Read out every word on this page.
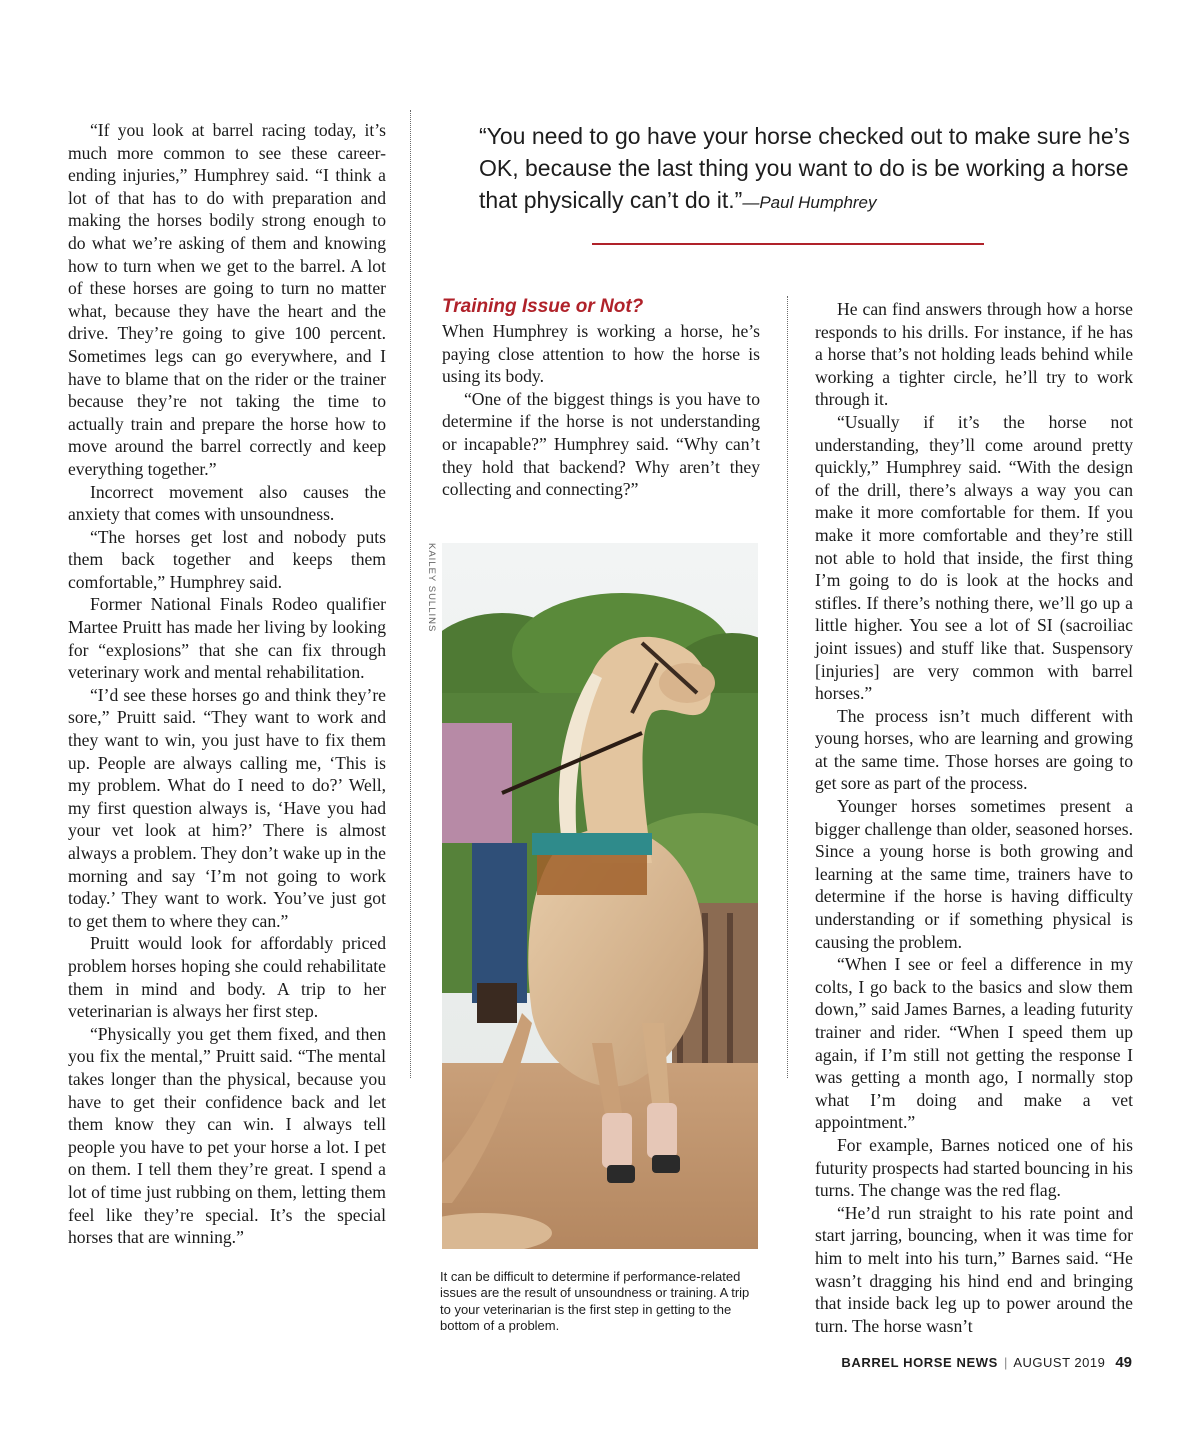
“If you look at barrel racing today, it’s much more common to see these career-ending injuries,” Humphrey said. “I think a lot of that has to do with preparation and making the horses bodily strong enough to do what we’re asking of them and knowing how to turn when we get to the barrel. A lot of these horses are going to turn no matter what, because they have the heart and the drive. They’re going to give 100 percent. Sometimes legs can go everywhere, and I have to blame that on the rider or the trainer because they’re not taking the time to actually train and prepare the horse how to move around the barrel correctly and keep everything together.”

Incorrect movement also causes the anxiety that comes with unsoundness.

“The horses get lost and nobody puts them back together and keeps them comfortable,” Humphrey said.

Former National Finals Rodeo qualifier Martee Pruitt has made her living by looking for “explosions” that she can fix through veterinary work and mental rehabilitation.

“I’d see these horses go and think they’re sore,” Pruitt said. “They want to work and they want to win, you just have to fix them up. People are always calling me, ‘This is my problem. What do I need to do?’ Well, my first question always is, ‘Have you had your vet look at him?’ There is almost always a problem. They don’t wake up in the morning and say ‘I’m not going to work today.’ They want to work. You’ve just got to get them to where they can.”

Pruitt would look for affordably priced problem horses hoping she could rehabilitate them in mind and body. A trip to her veterinarian is always her first step.

“Physically you get them fixed, and then you fix the mental,” Pruitt said. “The mental takes longer than the physical, because you have to get their confidence back and let them know they can win. I always tell people you have to pet your horse a lot. I pet on them. I tell them they’re great. I spend a lot of time just rubbing on them, letting them feel like they’re special. It’s the special horses that are winning.”

“You need to go have your horse checked out to make sure he’s OK, because the last thing you want to do is be working a horse that physically can’t do it.”—Paul Humphrey
Training Issue or Not?

When Humphrey is working a horse, he’s paying close attention to how the horse is using its body.

“One of the biggest things is you have to determine if the horse is not understanding or incapable?” Humphrey said. “Why can’t they hold that backend? Why aren’t they collecting and connecting?”

KAILEY SULLINS
It can be difficult to determine if performance-related issues are the result of unsoundness or training. A trip to your veterinarian is the first step in getting to the bottom of a problem.

He can find answers through how a horse responds to his drills. For instance, if he has a horse that’s not holding leads behind while working a tighter circle, he’ll try to work through it.

“Usually if it’s the horse not understanding, they’ll come around pretty quickly,” Humphrey said. “With the design of the drill, there’s always a way you can make it more comfortable for them. If you make it more comfortable and they’re still not able to hold that inside, the first thing I’m going to do is look at the hocks and stifles. If there’s nothing there, we’ll go up a little higher. You see a lot of SI (sacroiliac joint issues) and stuff like that. Suspensory [injuries] are very common with barrel horses.”

The process isn’t much different with young horses, who are learning and growing at the same time. Those horses are going to get sore as part of the process.

Younger horses sometimes present a bigger challenge than older, seasoned horses. Since a young horse is both growing and learning at the same time, trainers have to determine if the horse is having difficulty understanding or if something physical is causing the problem.

“When I see or feel a difference in my colts, I go back to the basics and slow them down,” said James Barnes, a leading futurity trainer and rider. “When I speed them up again, if I’m still not getting the response I was getting a month ago, I normally stop what I’m doing and make a vet appointment.”

For example, Barnes noticed one of his futurity prospects had started bouncing in his turns. The change was the red flag.

“He’d run straight to his rate point and start jarring, bouncing, when it was time for him to melt into his turn,” Barnes said. “He wasn’t dragging his hind end and bringing that inside back leg up to power around the turn. The horse wasn’t

BARREL HORSE NEWS | AUGUST 2019 49
